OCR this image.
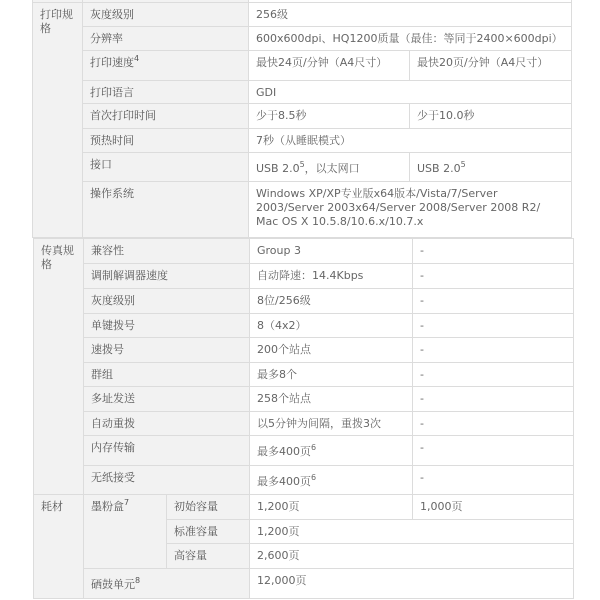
打印规格	灰度级别	256级	
	分辨率	600x600dpi、HQ1200质量（最佳：等同于2400×600dpi）	
	打印速度$^4$	最快24页/分钟（A4尺寸）	最快20页/分钟（A4尺寸）
	打印语言	GDI	
	首次打印时间	少于8.5秒	少于10.0秒
	预热时间	7秒（从睡眠模式）	
	接口	USB $2.0^5$，以太网口	USB $2.0^5$
	操作系统	Windows XP/XP专业版x64版本/Vista/7/Server 2003/Server 2003x64/Server 2008/Server 2008 R2/ Mac OS X 10.5.8/10.6.x/10.7.x	
传真规格	兼容性	Group 3	-
	调制解调器速度	自动降速：14.4Kbps	-
	灰度级别	8位/256级	-
	单键拨号	8（4x2）	-
	速拨号	200个站点	-
	群组	最多8个	-
	多址发送	258个站点	-
	自动重拨	以5分钟为间隔，重拨3次	-
	内存传输	最多400页$^6$	-
	无纸接受	最多400页$^6$	-
耗材	墨粉盒$^7$	初始容量	1,200页	1,000页
		标准容量	1,200页	
		高容量	2,600页	
	硒鼓单元$^8$		12,000页	
